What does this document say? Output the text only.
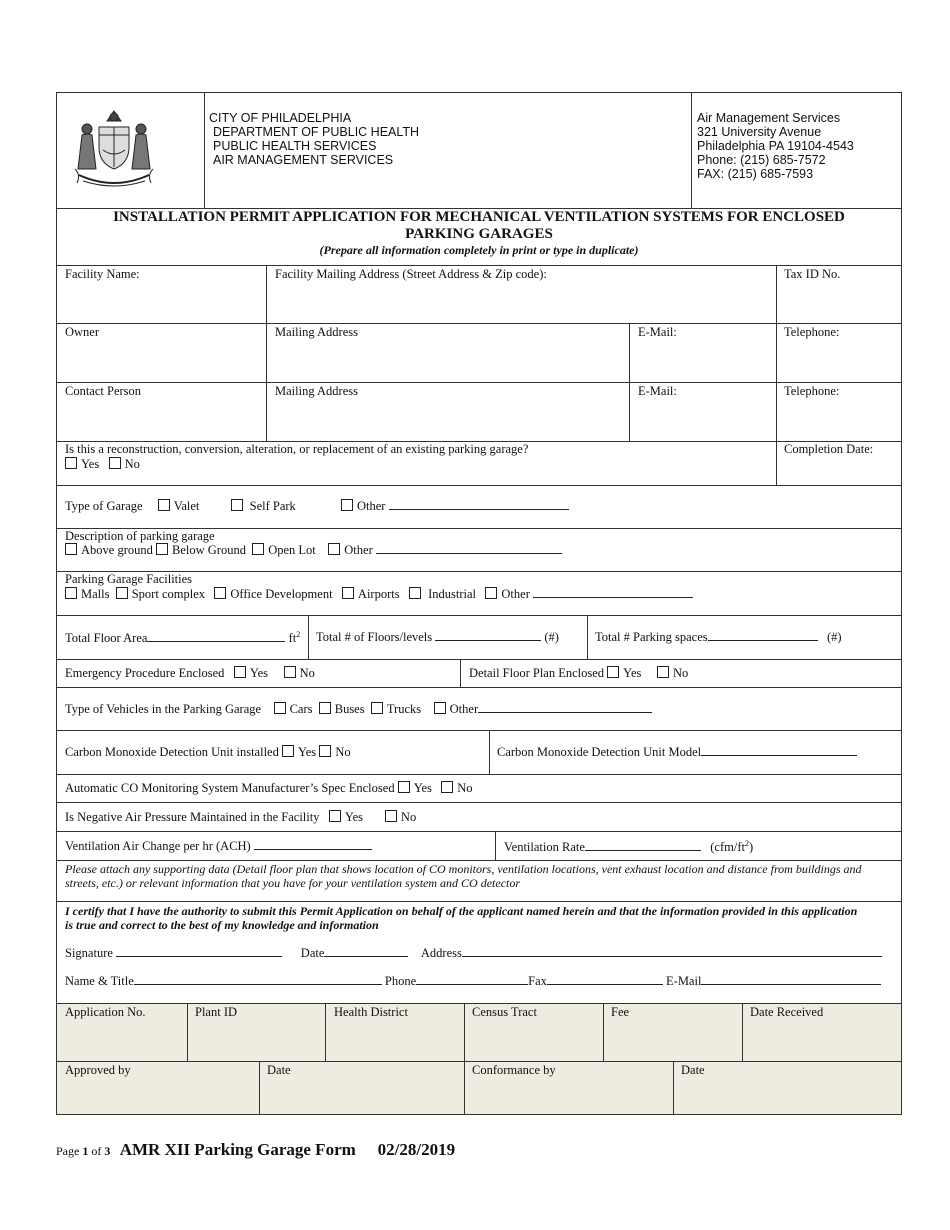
CITY OF PHILADELPHIA
DEPARTMENT OF PUBLIC HEALTH
PUBLIC HEALTH SERVICES
AIR MANAGEMENT SERVICES
Air Management Services
321 University Avenue
Philadelphia PA 19104-4543
Phone: (215) 685-7572
FAX: (215) 685-7593
INSTALLATION PERMIT APPLICATION FOR MECHANICAL VENTILATION SYSTEMS FOR ENCLOSED
PARKING GARAGES
(Prepare all information completely in print or type in duplicate)
Facility Name:	Facility Mailing Address (Street Address & Zip code):	Tax ID No.
Owner	Mailing Address	E-Mail:	Telephone:
Contact Person	Mailing Address	E-Mail:	Telephone:
Is this a reconstruction, conversion, alteration, or replacement of an existing parking garage?
Yes No
Completion Date:
Type of Garage Valet	Self Park	Other
Description of parking garage
Above ground Below Ground Open Lot Other
Parking Garage Facilities
Malls Sport complex Office Development Airports Industrial Other
Total Floor Area	$ft^2$ Total # of Floors/levels	(#)	Total # Parking spaces	(#)
Emergency Procedure Enclosed Yes	No	Detail Floor Plan Enclosed Yes	No
Type of Vehicles in the Parking Garage Cars Buses Trucks Other
Carbon Monoxide Detection Unit installed Yes No	Carbon Monoxide Detection Unit Model
Automatic CO Monitoring System Manufacturer’s Spec Enclosed Yes No
Is Negative Air Pressure Maintained in the Facility Yes	No
Ventilation Air Change per hr (ACH)	Ventilation Rate	$(cfm/ft^2)$
Please attach any supporting data (Detail floor plan that shows location of CO monitors, ventilation locations, vent exhaust location and distance from buildings and
streets, etc.) or relevant information that you have for your ventilation system and CO detector
I certify that I have the authority to submit this Permit Application on behalf of the applicant named herein and that the information provided in this application
is true and correct to the best of my knowledge and information
Signature	Date	Address
Name & Title	Phone	Fax	E-Mail
Application No.	Plant ID	Health District	Census Tract	Fee	Date Received
Approved by	Date	Conformance by	Date
Page 1 of 3 AMR XII Parking Garage Form 02/28/2019
